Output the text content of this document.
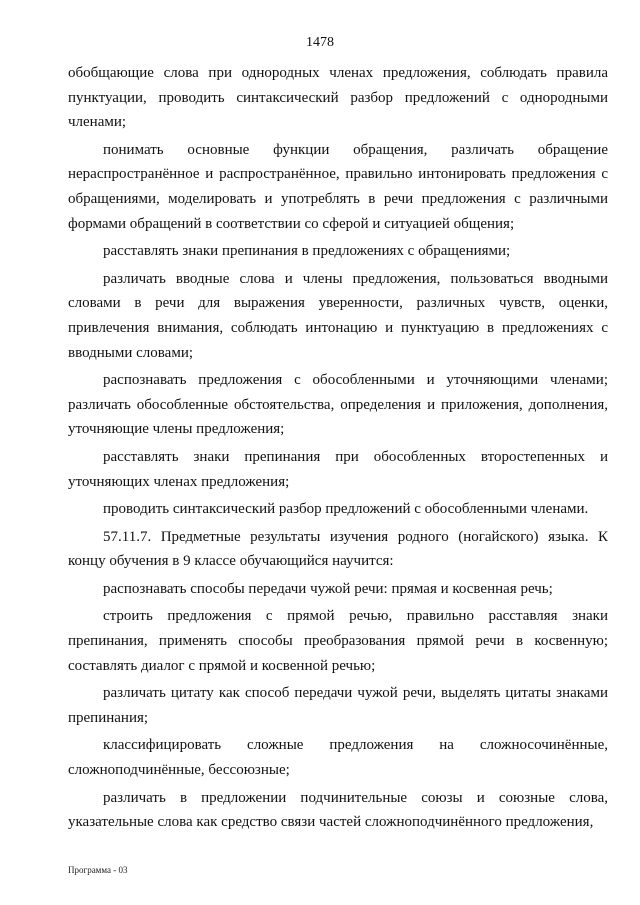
1478

обобщающие слова при однородных членах предложения, соблюдать правила пунктуации, проводить синтаксический разбор предложений с однородными членами;

понимать основные функции обращения, различать обращение нераспространённое и распространённое, правильно интонировать предложения с обращениями, моделировать и употреблять в речи предложения с различными формами обращений в соответствии со сферой и ситуацией общения;

расставлять знаки препинания в предложениях с обращениями;

различать вводные слова и члены предложения, пользоваться вводными словами в речи для выражения уверенности, различных чувств, оценки, привлечения внимания, соблюдать интонацию и пунктуацию в предложениях с вводными словами;

распознавать предложения с обособленными и уточняющими членами; различать обособленные обстоятельства, определения и приложения, дополнения, уточняющие члены предложения;

расставлять знаки препинания при обособленных второстепенных и уточняющих членах предложения;

проводить синтаксический разбор предложений с обособленными членами.

57.11.7. Предметные результаты изучения родного (ногайского) языка. К концу обучения в 9 классе обучающийся научится:

распознавать способы передачи чужой речи: прямая и косвенная речь;

строить предложения с прямой речью, правильно расставляя знаки препинания, применять способы преобразования прямой речи в косвенную; составлять диалог с прямой и косвенной речью;

различать цитату как способ передачи чужой речи, выделять цитаты знаками препинания;

классифицировать сложные предложения на сложносочинённые, сложноподчинённые, бессоюзные;

различать в предложении подчинительные союзы и союзные слова, указательные слова как средство связи частей сложноподчинённого предложения,

Программа - 03
